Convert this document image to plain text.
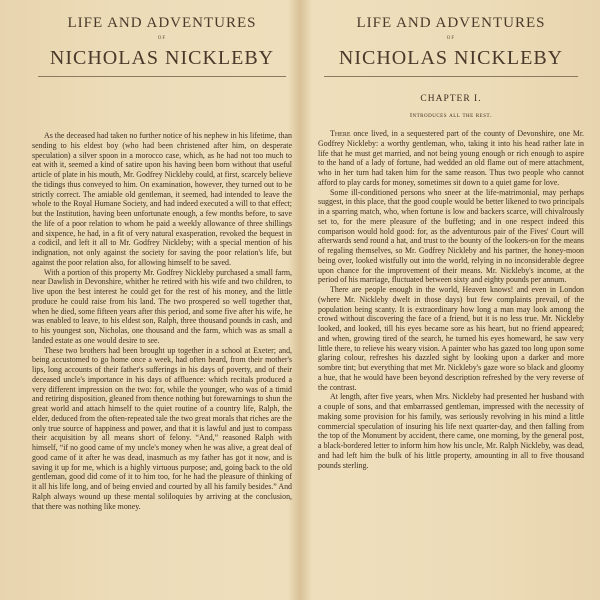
LIFE AND ADVENTURES
OF
NICHOLAS NICKLEBY

As the deceased had taken no further notice of his nephew in his lifetime, than sending to his eldest boy (who had been christened after him, on desperate speculation) a silver spoon in a morocco case, which, as he had not too much to eat with it, seemed a kind of satire upon his having been born without that useful article of plate in his mouth, Mr. Godfrey Nickleby could, at first, scarcely believe the tidings thus conveyed to him. On examination, however, they turned out to be strictly correct. The amiable old gentleman, it seemed, had intended to leave the whole to the Royal Humane Society, and had indeed executed a will to that effect; but the Institution, having been unfortunate enough, a few months before, to save the life of a poor relation to whom he paid a weekly allowance of three shillings and sixpence, he had, in a fit of very natural exasperation, revoked the bequest in a codicil, and left it all to Mr. Godfrey Nickleby; with a special mention of his indignation, not only against the society for saving the poor relation's life, but against the poor relation also, for allowing himself to be saved.

With a portion of this property Mr. Godfrey Nickleby purchased a small farm, near Dawlish in Devonshire, whither he retired with his wife and two children, to live upon the best interest he could get for the rest of his money, and the little produce he could raise from his land. The two prospered so well together that, when he died, some fifteen years after this period, and some five after his wife, he was enabled to leave, to his eldest son, Ralph, three thousand pounds in cash, and to his youngest son, Nicholas, one thousand and the farm, which was as small a landed estate as one would desire to see.

These two brothers had been brought up together in a school at Exeter; and, being accustomed to go home once a week, had often heard, from their mother's lips, long accounts of their father's sufferings in his days of poverty, and of their deceased uncle's importance in his days of affluence: which recitals produced a very different impression on the two: for, while the younger, who was of a timid and retiring disposition, gleaned from thence nothing but forewarnings to shun the great world and attach himself to the quiet routine of a country life, Ralph, the elder, deduced from the often-repeated tale the two great morals that riches are the only true source of happiness and power, and that it is lawful and just to compass their acquisition by all means short of felony. “And,” reasoned Ralph with himself, “if no good came of my uncle's money when he was alive, a great deal of good came of it after he was dead, inasmuch as my father has got it now, and is saving it up for me, which is a highly virtuous purpose; and, going back to the old gentleman, good did come of it to him too, for he had the pleasure of thinking of it all his life long, and of being envied and courted by all his family besides.” And Ralph always wound up these mental soliloquies by arriving at the conclusion, that there was nothing like money.

LIFE AND ADVENTURES
OF
NICHOLAS NICKLEBY
CHAPTER I.
Introduces all the rest.

There once lived, in a sequestered part of the county of Devonshire, one Mr. Godfrey Nickleby: a worthy gentleman, who, taking it into his head rather late in life that he must get married, and not being young enough or rich enough to aspire to the hand of a lady of fortune, had wedded an old flame out of mere attachment, who in her turn had taken him for the same reason. Thus two people who cannot afford to play cards for money, sometimes sit down to a quiet game for love.

Some ill-conditioned persons who sneer at the life-matrimonial, may perhaps suggest, in this place, that the good couple would be better likened to two principals in a sparring match, who, when fortune is low and backers scarce, will chivalrously set to, for the mere pleasure of the buffeting; and in one respect indeed this comparison would hold good: for, as the adventurous pair of the Fives' Court will afterwards send round a hat, and trust to the bounty of the lookers-on for the means of regaling themselves, so Mr. Godfrey Nickleby and his partner, the honey-moon being over, looked wistfully out into the world, relying in no inconsiderable degree upon chance for the improvement of their means. Mr. Nickleby's income, at the period of his marriage, fluctuated between sixty and eighty pounds per annum.

There are people enough in the world, Heaven knows! and even in London (where Mr. Nickleby dwelt in those days) but few complaints prevail, of the population being scanty. It is extraordinary how long a man may look among the crowd without discovering the face of a friend, but it is no less true. Mr. Nickleby looked, and looked, till his eyes became sore as his heart, but no friend appeared; and when, growing tired of the search, he turned his eyes homeward, he saw very little there, to relieve his weary vision. A painter who has gazed too long upon some glaring colour, refreshes his dazzled sight by looking upon a darker and more sombre tint; but everything that met Mr. Nickleby's gaze wore so black and gloomy a hue, that he would have been beyond description refreshed by the very reverse of the contrast.

At length, after five years, when Mrs. Nickleby had presented her husband with a couple of sons, and that embarrassed gentleman, impressed with the necessity of making some provision for his family, was seriously revolving in his mind a little commercial speculation of insuring his life next quarter-day, and then falling from the top of the Monument by accident, there came, one morning, by the general post, a black-bordered letter to inform him how his uncle, Mr. Ralph Nickleby, was dead, and had left him the bulk of his little property, amounting in all to five thousand pounds sterling.
